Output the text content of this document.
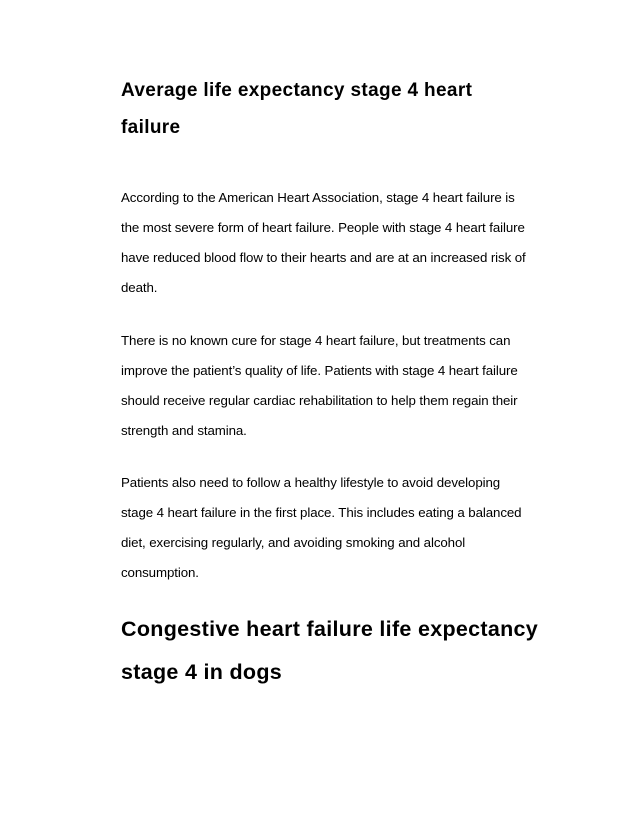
Average life expectancy stage 4 heart
failure
According to the American Heart Association, stage 4 heart failure is
the most severe form of heart failure. People with stage 4 heart failure
have reduced blood flow to their hearts and are at an increased risk of
death.
There is no known cure for stage 4 heart failure, but treatments can
improve the patient’s quality of life. Patients with stage 4 heart failure
should receive regular cardiac rehabilitation to help them regain their
strength and stamina.
Patients also need to follow a healthy lifestyle to avoid developing
stage 4 heart failure in the first place. This includes eating a balanced
diet, exercising regularly, and avoiding smoking and alcohol
consumption.
Congestive heart failure life expectancy
stage 4 in dogs
